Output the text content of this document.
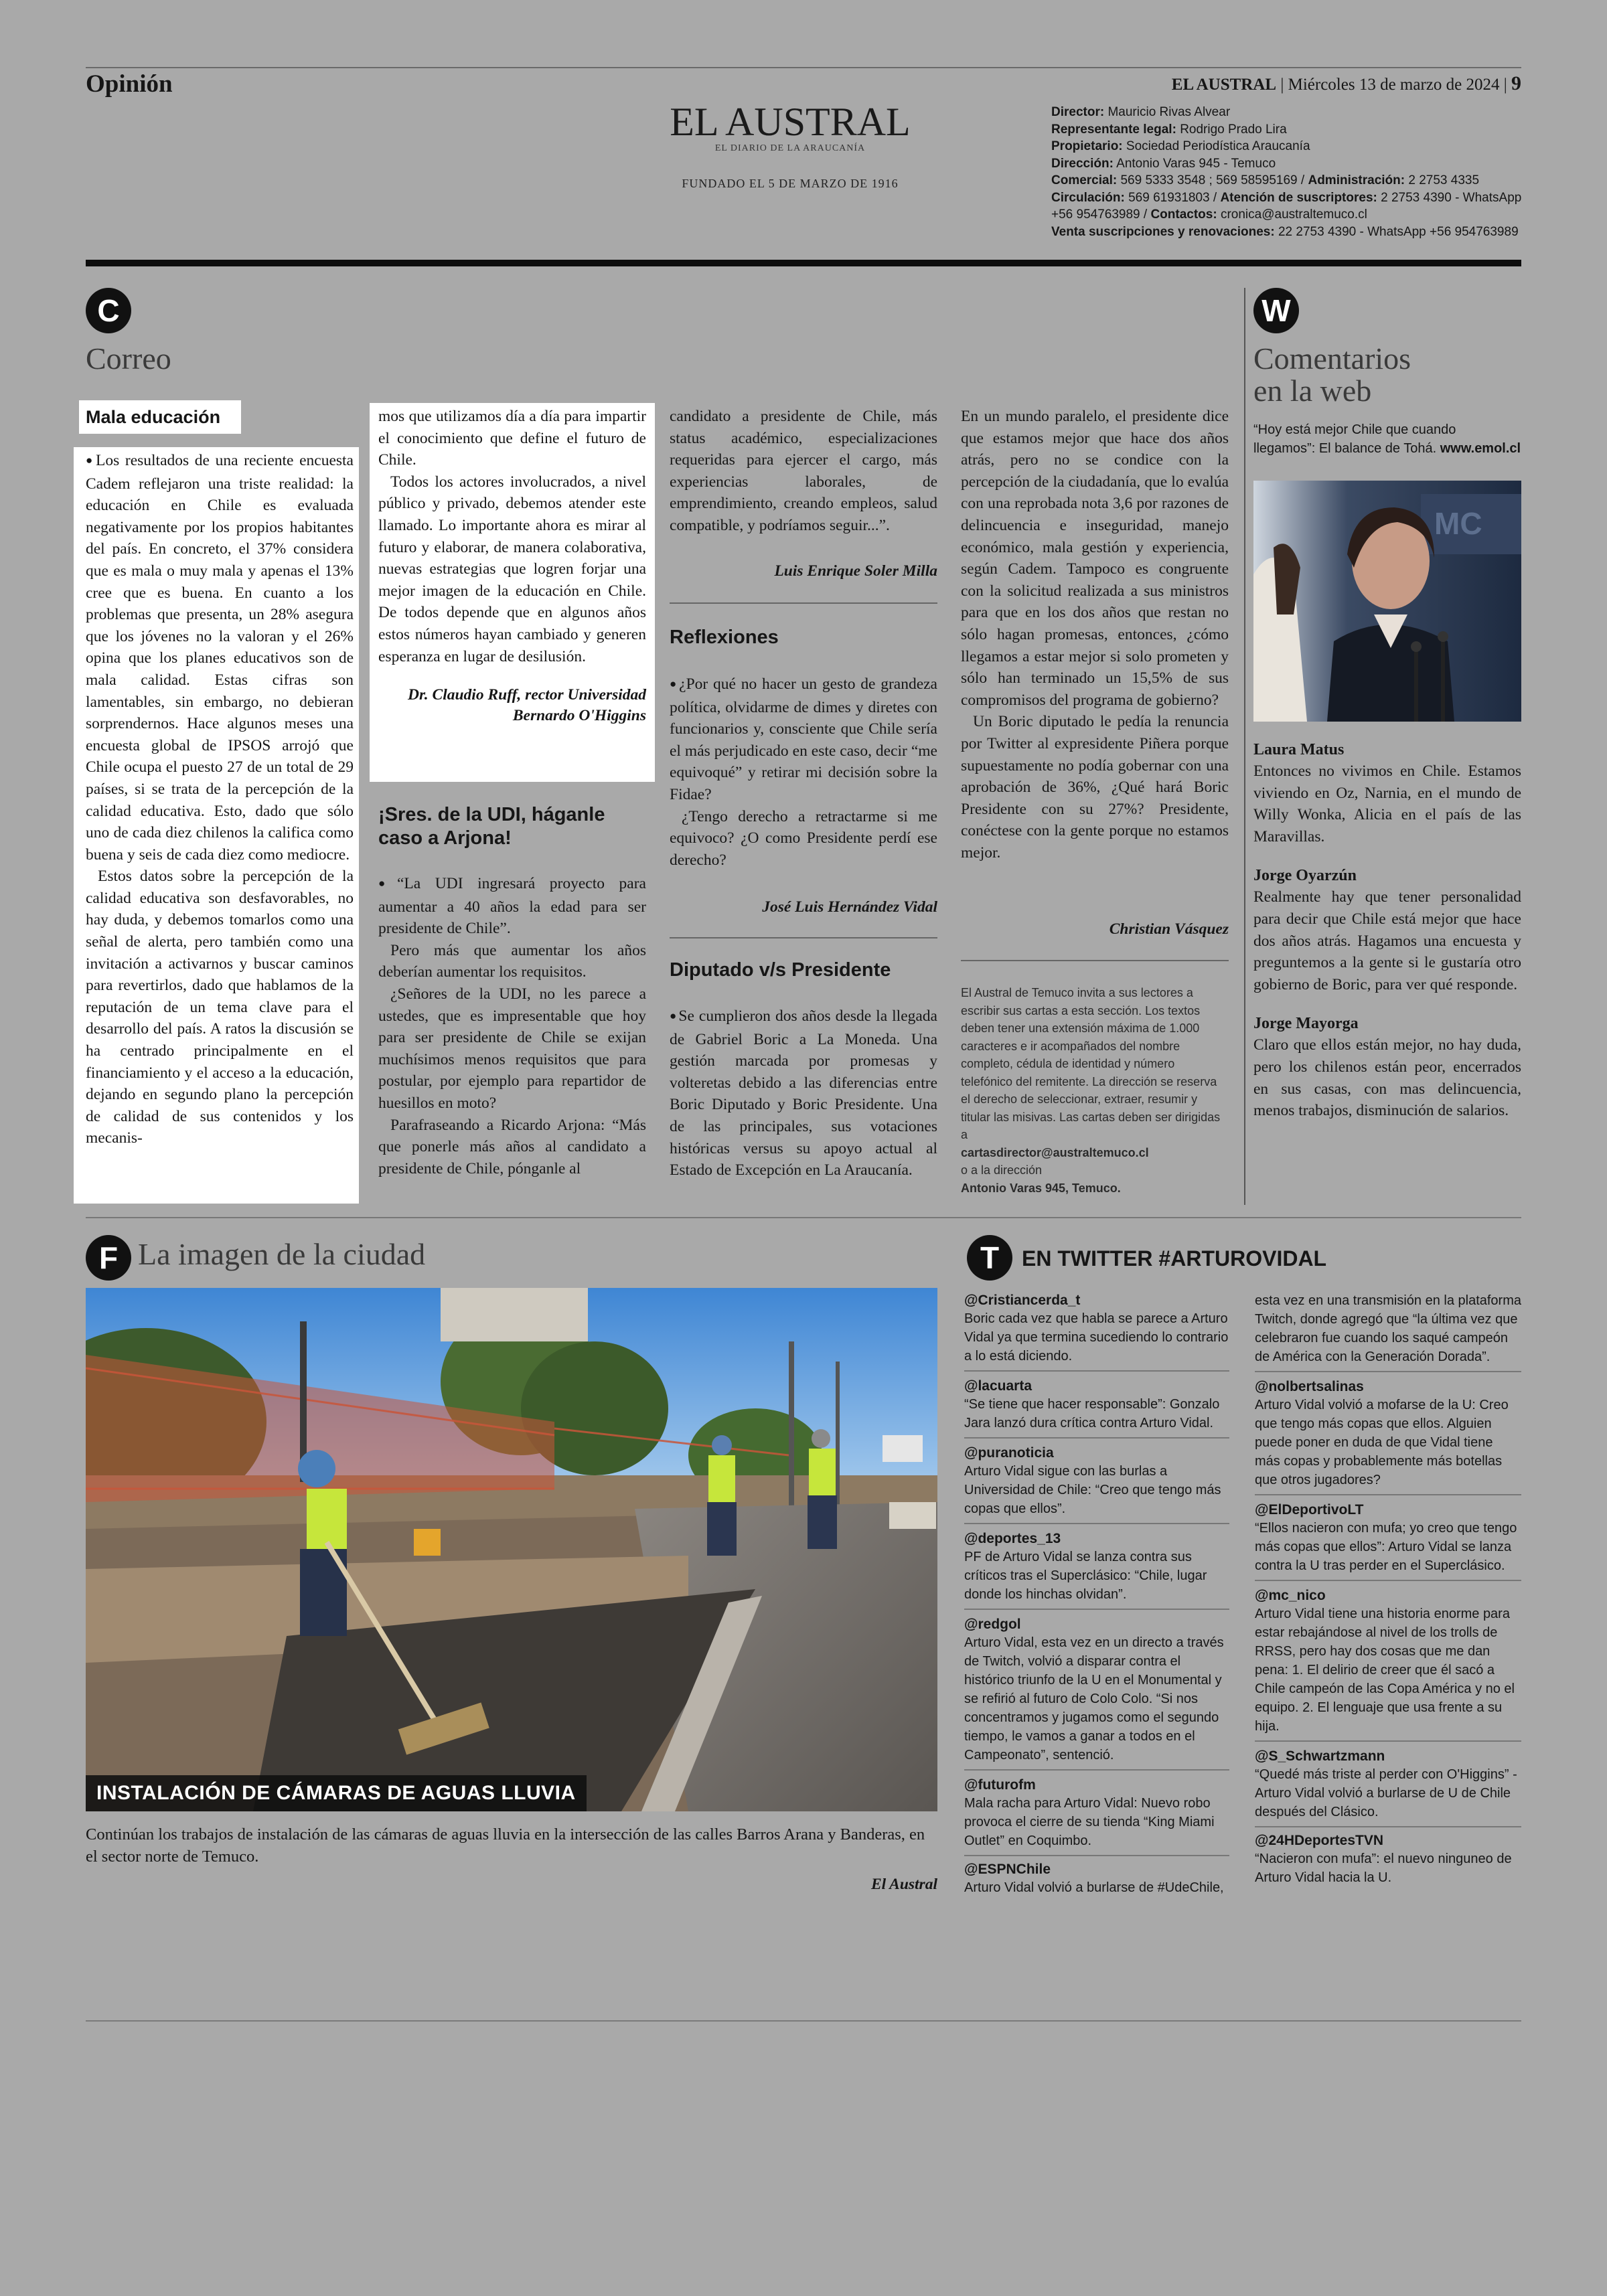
Opinión	EL AUSTRAL | Miércoles 13 de marzo de 2024 | 9
EL AUSTRAL
EL DIARIO DE LA ARAUCANÍA
FUNDADO EL 5 DE MARZO DE 1916
Director: Mauricio Rivas Alvear
Representante legal: Rodrigo Prado Lira
Propietario: Sociedad Periodística Araucanía
Dirección: Antonio Varas 945 - Temuco
Comercial: 569 5333 3548 ; 569 58595169 / Administración: 2 2753 4335
Circulación: 569 61931803 / Atención de suscriptores: 2 2753 4390 - WhatsApp +56 954763989 / Contactos: cronica@australtemuco.cl
Venta suscripciones y renovaciones: 22 2753 4390 - WhatsApp +56 954763989
C
Correo
Mala educación

● Los resultados de una reciente encuesta Cadem reflejaron una triste realidad: la educación en Chile es evaluada negativamente por los propios habitantes del país. En concreto, el 37% considera que es mala o muy mala y apenas el 13% cree que es buena. En cuanto a los problemas que presenta, un 28% asegura que los jóvenes no la valoran y el 26% opina que los planes educativos son de mala calidad. Estas cifras son lamentables, sin embargo, no debieran sorprendernos. Hace algunos meses una encuesta global de IPSOS arrojó que Chile ocupa el puesto 27 de un total de 29 países, si se trata de la percepción de la calidad educativa. Esto, dado que sólo uno de cada diez chilenos la califica como buena y seis de cada diez como mediocre.

Estos datos sobre la percepción de la calidad educativa son desfavorables, no hay duda, y debemos tomarlos como una señal de alerta, pero también como una invitación a activarnos y buscar caminos para revertirlos, dado que hablamos de la reputación de un tema clave para el desarrollo del país. A ratos la discusión se ha centrado principalmente en el financiamiento y el acceso a la educación, dejando en segundo plano la percepción de calidad de sus contenidos y los mecanis-

mos que utilizamos día a día para impartir el conocimiento que define el futuro de Chile.

Todos los actores involucrados, a nivel público y privado, debemos atender este llamado. Lo importante ahora es mirar al futuro y elaborar, de manera colaborativa, nuevas estrategias que logren forjar una mejor imagen de la educación en Chile. De todos depende que en algunos años estos números hayan cambiado y generen esperanza en lugar de desilusión.

Dr. Claudio Ruff, rector Universidad
Bernardo O'Higgins
¡Sres. de la UDI, háganle caso a Arjona!

● “La UDI ingresará proyecto para aumentar a 40 años la edad para ser presidente de Chile”.

Pero más que aumentar los años deberían aumentar los requisitos.

¿Señores de la UDI, no les parece a ustedes, que es impresentable que hoy para ser presidente de Chile se exijan muchísimos menos requisitos que para postular, por ejemplo para repartidor de huesillos en moto?

Parafraseando a Ricardo Arjona: “Más que ponerle más años al candidato a presidente de Chile, pónganle al

candidato a presidente de Chile, más status académico, especializaciones requeridas para ejercer el cargo, más experiencias laborales, de emprendimiento, creando empleos, salud compatible, y podríamos seguir...”.

Luis Enrique Soler Milla
Reflexiones

● ¿Por qué no hacer un gesto de grandeza política, olvidarme de dimes y diretes con funcionarios y, consciente que Chile sería el más perjudicado en este caso, decir “me equivoqué” y retirar mi decisión sobre la Fidae?

¿Tengo derecho a retractarme si me equivoco? ¿O como Presidente perdí ese derecho?

José Luis Hernández Vidal
Diputado v/s Presidente

● Se cumplieron dos años desde la llegada de Gabriel Boric a La Moneda. Una gestión marcada por promesas y volteretas debido a las diferencias entre Boric Diputado y Boric Presidente. Una de las principales, sus votaciones históricas versus su apoyo actual al Estado de Excepción en La Araucanía.

En un mundo paralelo, el presidente dice que estamos mejor que hace dos años atrás, pero no se condice con la percepción de la ciudadanía, que lo evalúa con una reprobada nota 3,6 por razones de delincuencia e inseguridad, manejo económico, mala gestión y experiencia, según Cadem. Tampoco es congruente con la solicitud realizada a sus ministros para que en los dos años que restan no sólo hagan promesas, entonces, ¿cómo llegamos a estar mejor si solo prometen y sólo han terminado un 15,5% de sus compromisos del programa de gobierno?

Un Boric diputado le pedía la renuncia por Twitter al expresidente Piñera porque supuestamente no podía gobernar con una aprobación de 36%, ¿Qué hará Boric Presidente con su 27%? Presidente, conéctese con la gente porque no estamos mejor.

Christian Vásquez
El Austral de Temuco invita a sus lectores a escribir sus cartas a esta sección. Los textos deben tener una extensión máxima de 1.000 caracteres e ir acompañados del nombre completo, cédula de identidad y número telefónico del remitente. La dirección se reserva el derecho de seleccionar, extraer, resumir y titular las misivas. Las cartas deben ser dirigidas a
cartasdirector@australtemuco.cl
o a la dirección
Antonio Varas 945, Temuco.
W
Comentarios
en la web
“Hoy está mejor Chile que cuando llegamos”: El balance de Tohá. www.emol.cl
MC
Laura Matus
Entonces no vivimos en Chile. Estamos viviendo en Oz, Narnia, en el mundo de Willy Wonka, Alicia en el país de las Maravillas.
Jorge Oyarzún
Realmente hay que tener personalidad para decir que Chile está mejor que hace dos años atrás. Hagamos una encuesta y preguntemos a la gente si le gustaría otro gobierno de Boric, para ver qué responde.
Jorge Mayorga
Claro que ellos están mejor, no hay duda, pero los chilenos están peor, encerrados en sus casas, con mas delincuencia, menos trabajos, disminución de salarios.
F La imagen de la ciudad
INSTALACIÓN DE CÁMARAS DE AGUAS LLUVIA
Continúan los trabajos de instalación de las cámaras de aguas lluvia en la intersección de las calles Barros Arana y Banderas, en el sector norte de Temuco.
El Austral
T	EN TWITTER #ARTUROVIDAL
@Cristiancerda_t
Boric cada vez que habla se parece a Arturo Vidal ya que termina sucediendo lo contrario a lo está diciendo.
@lacuarta
“Se tiene que hacer responsable”: Gonzalo Jara lanzó dura crítica contra Arturo Vidal.
@puranoticia
Arturo Vidal sigue con las burlas a Universidad de Chile: “Creo que tengo más copas que ellos”.
@deportes_13
PF de Arturo Vidal se lanza contra sus críticos tras el Superclásico: “Chile, lugar donde los hinchas olvidan”.
@redgol
Arturo Vidal, esta vez en un directo a través de Twitch, volvió a disparar contra el histórico triunfo de la U en el Monumental y se refirió al futuro de Colo Colo. “Si nos concentramos y jugamos como el segundo tiempo, le vamos a ganar a todos en el Campeonato”, sentenció.
@futurofm
Mala racha para Arturo Vidal: Nuevo robo provoca el cierre de su tienda “King Miami Outlet” en Coquimbo.
@ESPNChile
Arturo Vidal volvió a burlarse de #UdeChile,
esta vez en una transmisión en la plataforma Twitch, donde agregó que “la última vez que celebraron fue cuando los saqué campeón de América con la Generación Dorada”.
@nolbertsalinas
Arturo Vidal volvió a mofarse de la U: Creo que tengo más copas que ellos. Alguien puede poner en duda de que Vidal tiene más copas y probablemente más botellas que otros jugadores?
@ElDeportivoLT
“Ellos nacieron con mufa; yo creo que tengo más copas que ellos”: Arturo Vidal se lanza contra la U tras perder en el Superclásico.
@mc_nico
Arturo Vidal tiene una historia enorme para estar rebajándose al nivel de los trolls de RRSS, pero hay dos cosas que me dan pena: 1. El delirio de creer que él sacó a Chile campeón de las Copa América y no el equipo. 2. El lenguaje que usa frente a su hija.
@S_Schwartzmann
“Quedé más triste al perder con O'Higgins” - Arturo Vidal volvió a burlarse de U de Chile después del Clásico.
@24HDeportesTVN
“Nacieron con mufa”: el nuevo ninguneo de Arturo Vidal hacia la U.
